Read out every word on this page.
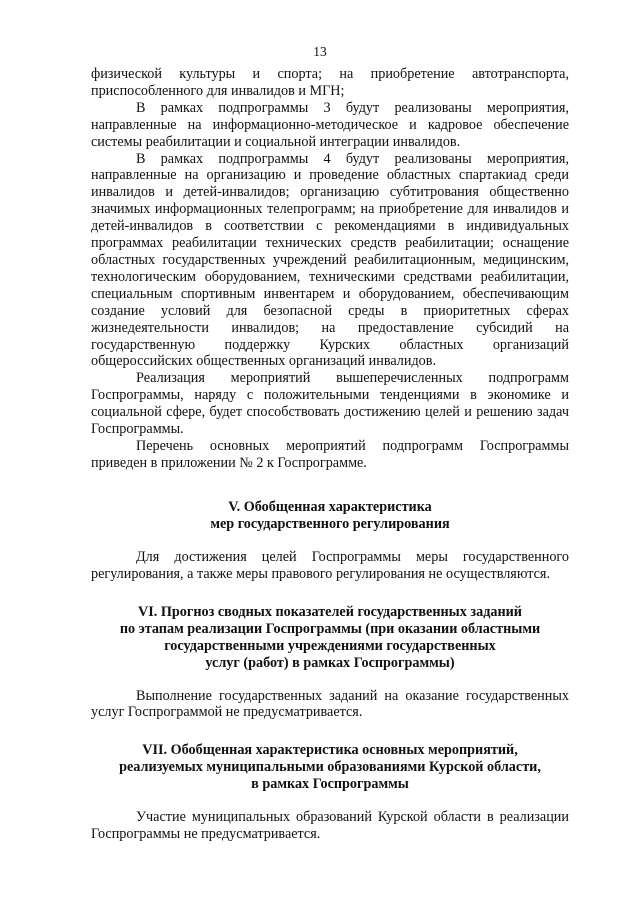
13

физической культуры и спорта; на приобретение автотранспорта, приспособленного для инвалидов и МГН;

В рамках подпрограммы 3 будут реализованы мероприятия, направленные на информационно-методическое и кадровое обеспечение системы реабилитации и социальной интеграции инвалидов.

В рамках подпрограммы 4 будут реализованы мероприятия, направленные на организацию и проведение областных спартакиад среди инвалидов и детей-инвалидов; организацию субтитрования общественно значимых информационных телепрограмм; на приобретение для инвалидов и детей-инвалидов в соответствии с рекомендациями в индивидуальных программах реабилитации технических средств реабилитации; оснащение областных государственных учреждений реабилитационным, медицинским, технологическим оборудованием, техническими средствами реабилитации, специальным спортивным инвентарем и оборудованием, обеспечивающим создание условий для безопасной среды в приоритетных сферах жизнедеятельности инвалидов; на предоставление субсидий на государственную поддержку Курских областных организаций общероссийских общественных организаций инвалидов.

Реализация мероприятий вышеперечисленных подпрограмм Госпрограммы, наряду с положительными тенденциями в экономике и социальной сфере, будет способствовать достижению целей и решению задач Госпрограммы.

Перечень основных мероприятий подпрограмм Госпрограммы приведен в приложении № 2 к Госпрограмме.

V. Обобщенная характеристика
мер государственного регулирования

Для достижения целей Госпрограммы меры государственного регулирования, а также меры правового регулирования не осуществляются.

VI. Прогноз сводных показателей государственных заданий
по этапам реализации Госпрограммы (при оказании областными
государственными учреждениями государственных
услуг (работ) в рамках Госпрограммы)

Выполнение государственных заданий на оказание государственных услуг Госпрограммой не предусматривается.

VII. Обобщенная характеристика основных мероприятий,
реализуемых муниципальными образованиями Курской области,
в рамках Госпрограммы

Участие муниципальных образований Курской области в реализации Госпрограммы не предусматривается.
